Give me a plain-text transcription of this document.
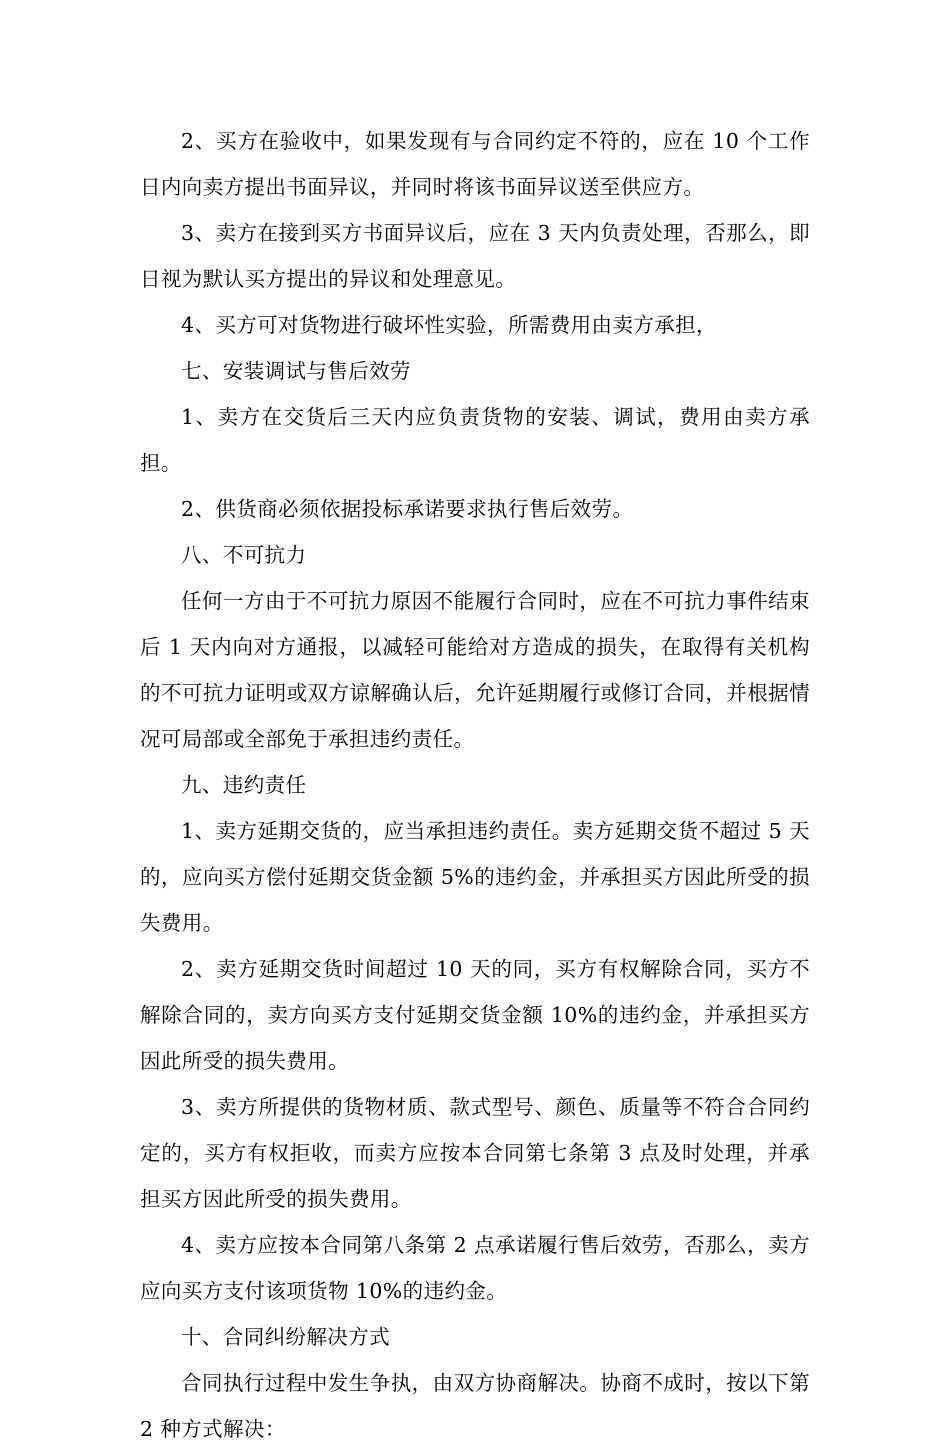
2、买方在验收中，如果发现有与合同约定不符的，应在 10 个工作日内向卖方提出书面异议，并同时将该书面异议送至供应方。

3、卖方在接到买方书面异议后，应在 3 天内负责处理，否那么，即日视为默认买方提出的异议和处理意见。

4、买方可对货物进行破坏性实验，所需费用由卖方承担，

七、安装调试与售后效劳

1、卖方在交货后三天内应负责货物的安装、调试，费用由卖方承担。

2、供货商必须依据投标承诺要求执行售后效劳。

八、不可抗力

任何一方由于不可抗力原因不能履行合同时，应在不可抗力事件结束后 1 天内向对方通报，以减轻可能给对方造成的损失，在取得有关机构的不可抗力证明或双方谅解确认后，允许延期履行或修订合同，并根据情况可局部或全部免于承担违约责任。

九、违约责任

1、卖方延期交货的，应当承担违约责任。卖方延期交货不超过 5 天的，应向买方偿付延期交货金额 5%的违约金，并承担买方因此所受的损失费用。

2、卖方延期交货时间超过 10 天的同，买方有权解除合同，买方不解除合同的，卖方向买方支付延期交货金额 10%的违约金，并承担买方因此所受的损失费用。

3、卖方所提供的货物材质、款式型号、颜色、质量等不符合合同约定的，买方有权拒收，而卖方应按本合同第七条第 3 点及时处理，并承担买方因此所受的损失费用。

4、卖方应按本合同第八条第 2 点承诺履行售后效劳，否那么，卖方应向买方支付该项货物 10%的违约金。

十、合同纠纷解决方式

合同执行过程中发生争执，由双方协商解决。协商不成时，按以下第 2 种方式解决：
